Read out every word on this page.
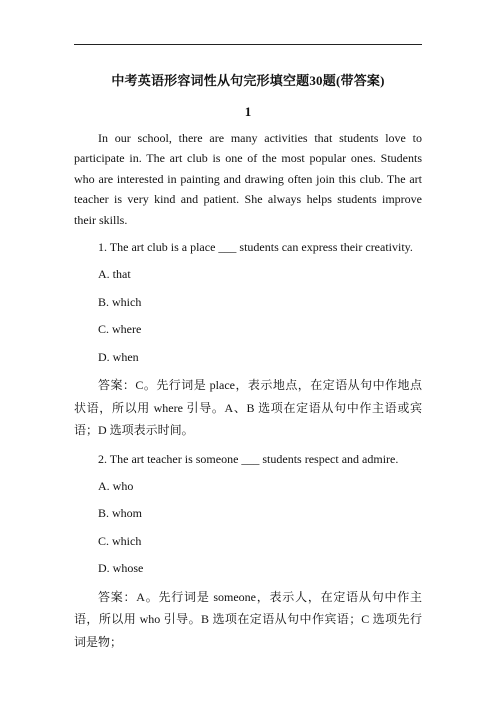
中考英语形容词性从句完形填空题30题(带答案)
1

In our school, there are many activities that students love to participate in. The art club is one of the most popular ones. Students who are interested in painting and drawing often join this club. The art teacher is very kind and patient. She always helps students improve their skills.

1. The art club is a place ___ students can express their creativity.

A. that

B. which

C. where

D. when

答案：C。先行词是 place，表示地点，在定语从句中作地点状语，所以用 where 引导。A、B 选项在定语从句中作主语或宾语；D 选项表示时间。

2. The art teacher is someone ___ students respect and admire.

A. who

B. whom

C. which

D. whose

答案：A。先行词是 someone，表示人，在定语从句中作主语，所以用 who 引导。B 选项在定语从句中作宾语；C 选项先行词是物；
